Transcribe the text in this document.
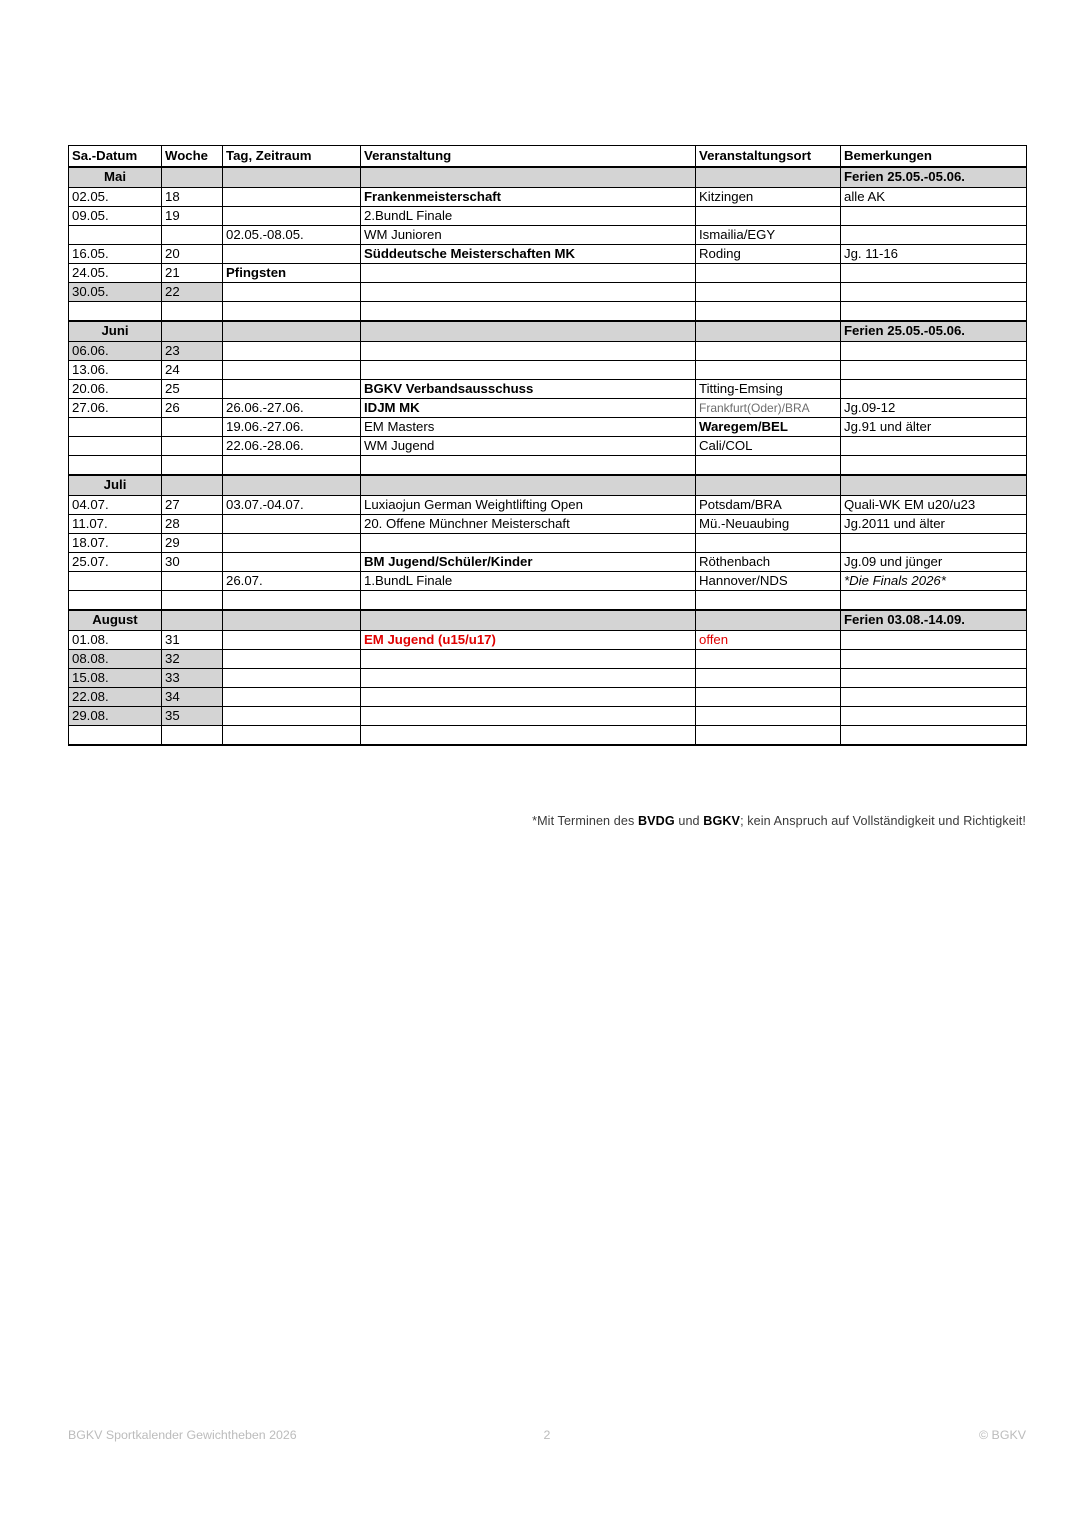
Sa.-Datum	Woche	Tag, Zeitraum	Veranstaltung	Veranstaltungsort	Bemerkungen
Mai					Ferien 25.05.-05.06.
02.05.	18		Frankenmeisterschaft	Kitzingen	alle AK
09.05.	19		2.BundL Finale		
		02.05.-08.05.	WM Junioren	Ismailia/EGY	
16.05.	20		Süddeutsche Meisterschaften MK	Roding	Jg. 11-16
24.05.	21	Pfingsten			
30.05.	22				

Juni					Ferien 25.05.-05.06.
06.06.	23				
13.06.	24				
20.06.	25		BGKV Verbandsausschuss	Titting-Emsing	
27.06.	26	26.06.-27.06.	IDJM MK	Frankfurt(Oder)/BRA	Jg.09-12
		19.06.-27.06.	EM Masters	Waregem/BEL	Jg.91 und älter
		22.06.-28.06.	WM Jugend	Cali/COL	

Juli					
04.07.	27	03.07.-04.07.	Luxiaojun German Weightlifting Open	Potsdam/BRA	Quali-WK EM u20/u23
11.07.	28		20. Offene Münchner Meisterschaft	Mü.-Neuaubing	Jg.2011 und älter
18.07.	29				
25.07.	30		BM Jugend/Schüler/Kinder	Röthenbach	Jg.09 und jünger
		26.07.	1.BundL Finale	Hannover/NDS	*Die Finals 2026*

August					Ferien 03.08.-14.09.
01.08.	31		EM Jugend (u15/u17)	offen	
08.08.	32				
15.08.	33				
22.08.	34				
29.08.	35				

*Mit Terminen des BVDG und BGKV; kein Anspruch auf Vollständigkeit und Richtigkeit!
BGKV Sportkalender Gewichtheben 2026	2	© BGKV
